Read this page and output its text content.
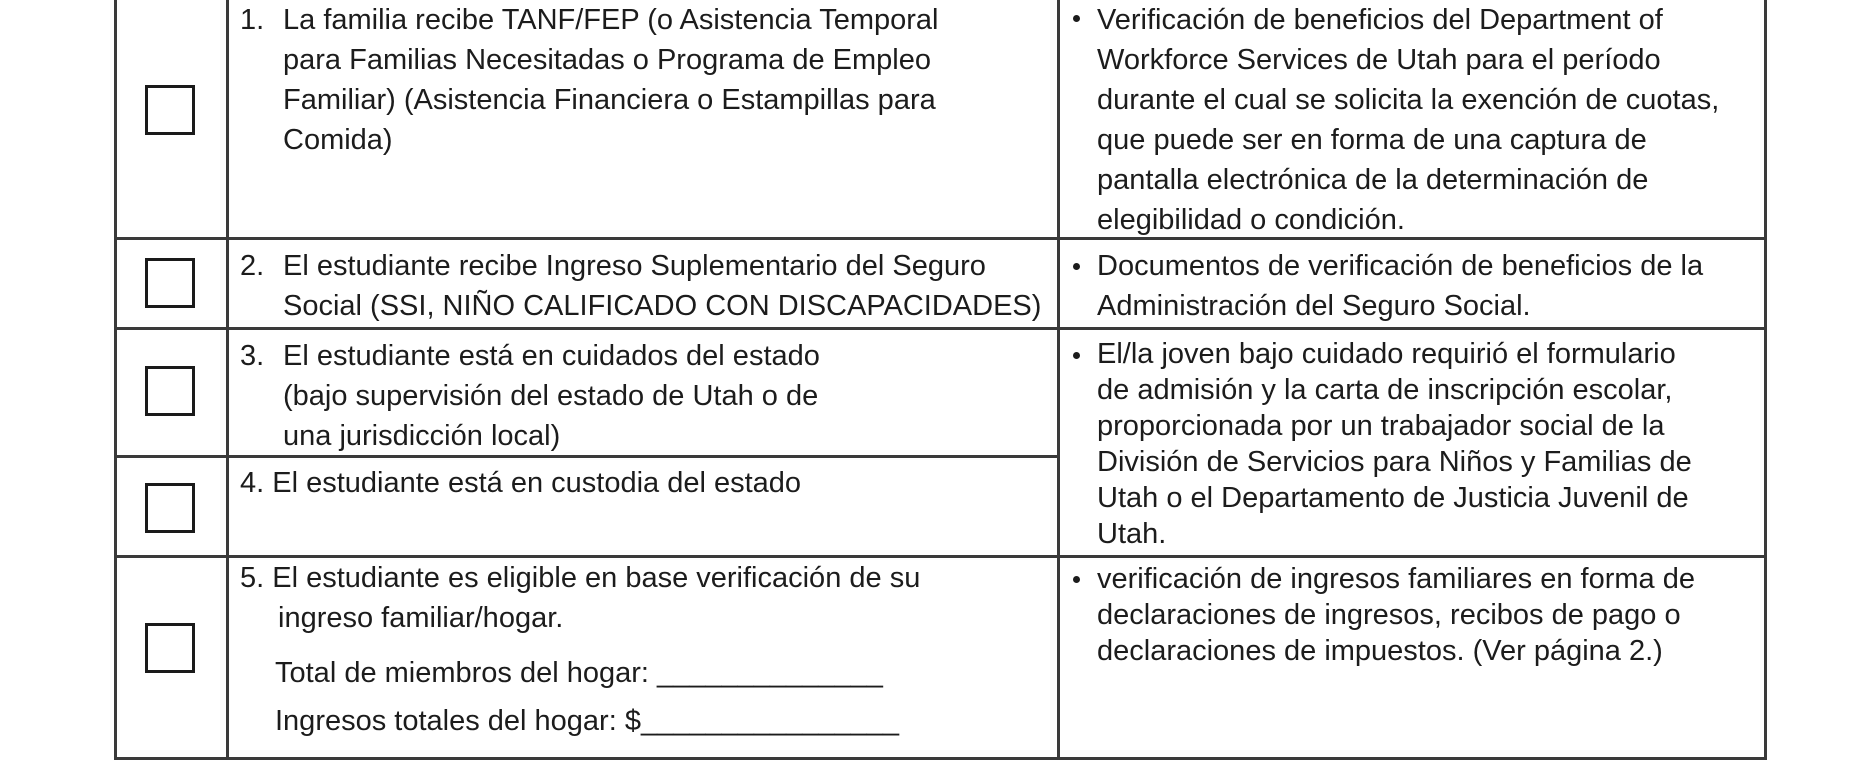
1. La familia recibe TANF/FEP (o Asistencia Temporal
para Familias Necesitadas o Programa de Empleo
Familiar) (Asistencia Financiera o Estampillas para
Comida)
Verificación de beneficios del Department of
Workforce Services de Utah para el período
durante el cual se solicita la exención de cuotas,
que puede ser en forma de una captura de
pantalla electrónica de la determinación de
elegibilidad o condición.
2. El estudiante recibe Ingreso Suplementario del Seguro
Social (SSI, NIÑO CALIFICADO CON DISCAPACIDADES)
Documentos de verificación de beneficios de la
Administración del Seguro Social.
3. El estudiante está en cuidados del estado
(bajo supervisión del estado de Utah o de
una jurisdicción local)
El/la joven bajo cuidado requirió el formulario
de admisión y la carta de inscripción escolar,
proporcionada por un trabajador social de la
División de Servicios para Niños y Familias de
Utah o el Departamento de Justicia Juvenil de
Utah.
4. El estudiante está en custodia del estado
5. El estudiante es eligible en base verificación de su
ingreso familiar/hogar.
Total de miembros del hogar: ______________
Ingresos totales del hogar: $________________
verificación de ingresos familiares en forma de
declaraciones de ingresos, recibos de pago o
declaraciones de impuestos. (Ver página 2.)
